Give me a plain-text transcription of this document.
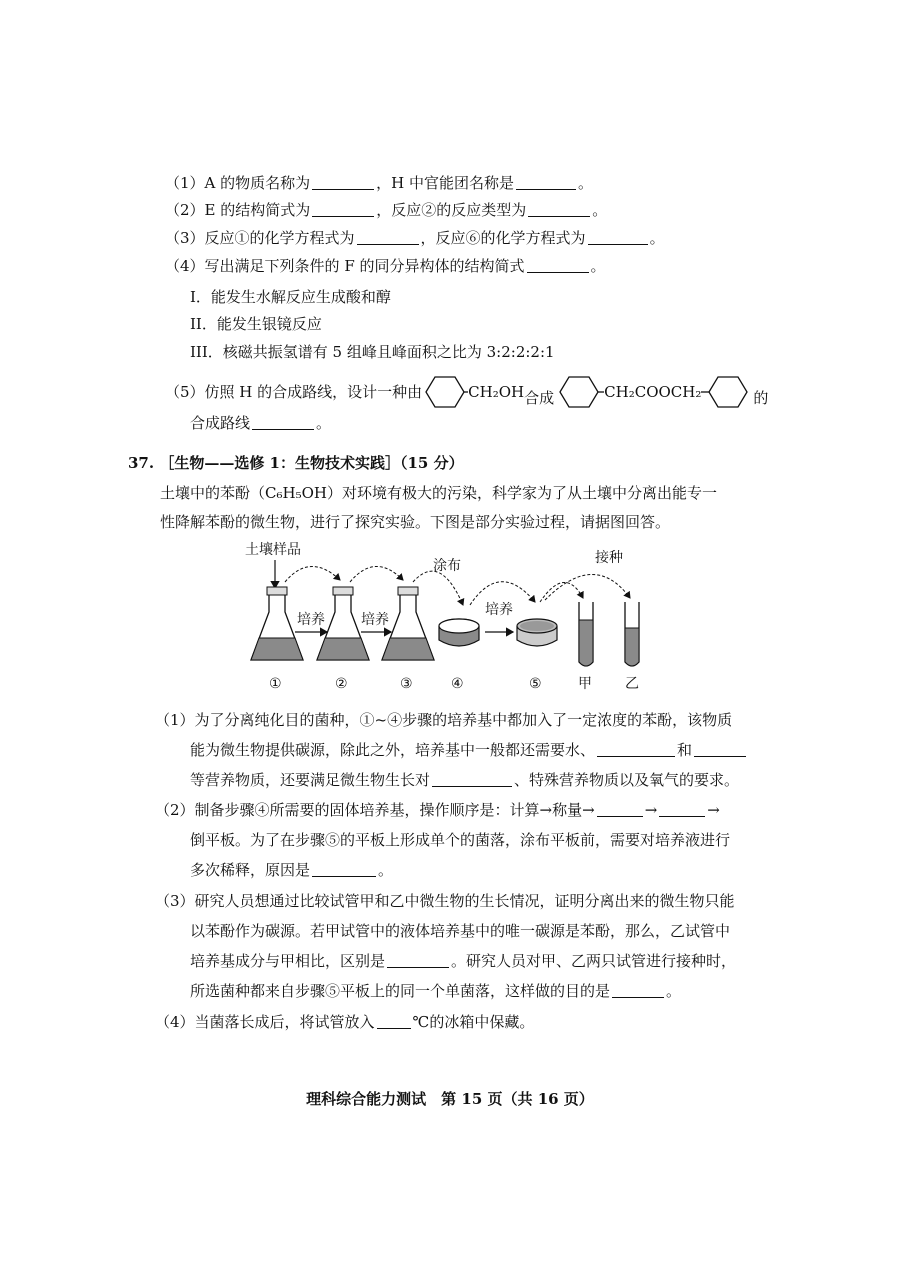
（1）A 的物质名称为	，H 中官能团名称是	。
（2）E 的结构简式为	，反应②的反应类型为	。
（3）反应①的化学方程式为	，反应⑥的化学方程式为	。
（4）写出满足下列条件的 F 的同分异构体的结构简式	。
I．能发生水解反应生成酸和醇
II．能发生银镜反应
III．核磁共振氢谱有 5 组峰且峰面积之比为 3:2:2:2:1
（5）仿照 H 的合成路线，设计一种由	CH₂OH 合成	CH₂COOCH₂	的
合成路线	。
37. ［生物——选修 1：生物技术实践］（15 分）
土壤中的苯酚（C₆H₅OH）对环境有极大的污染，科学家为了从土壤中分离出能专一
性降解苯酚的微生物，进行了探究实验。下图是部分实验过程，请据图回答。
土壤样品
培养	培养
涂布
培养
接种
①	②	③	④	⑤	甲 乙
（1）为了分离纯化目的菌种，①~④步骤的培养基中都加入了一定浓度的苯酚，该物质
能为微生物提供碳源，除此之外，培养基中一般都还需要水、	和
等营养物质，还要满足微生物生长对	、特殊营养物质以及氧气的要求。
（2）制备步骤④所需要的固体培养基，操作顺序是：计算→称量→	→	→
倒平板。为了在步骤⑤的平板上形成单个的菌落，涂布平板前，需要对培养液进行
多次稀释，原因是	。
（3）研究人员想通过比较试管甲和乙中微生物的生长情况，证明分离出来的微生物只能
以苯酚作为碳源。若甲试管中的液体培养基中的唯一碳源是苯酚，那么，乙试管中
培养基成分与甲相比，区别是	。研究人员对甲、乙两只试管进行接种时，
所选菌种都来自步骤⑤平板上的同一个单菌落，这样做的目的是	。
（4）当菌落长成后，将试管放入	℃的冰箱中保藏。
理科综合能力测试　第 15 页（共 16 页）
